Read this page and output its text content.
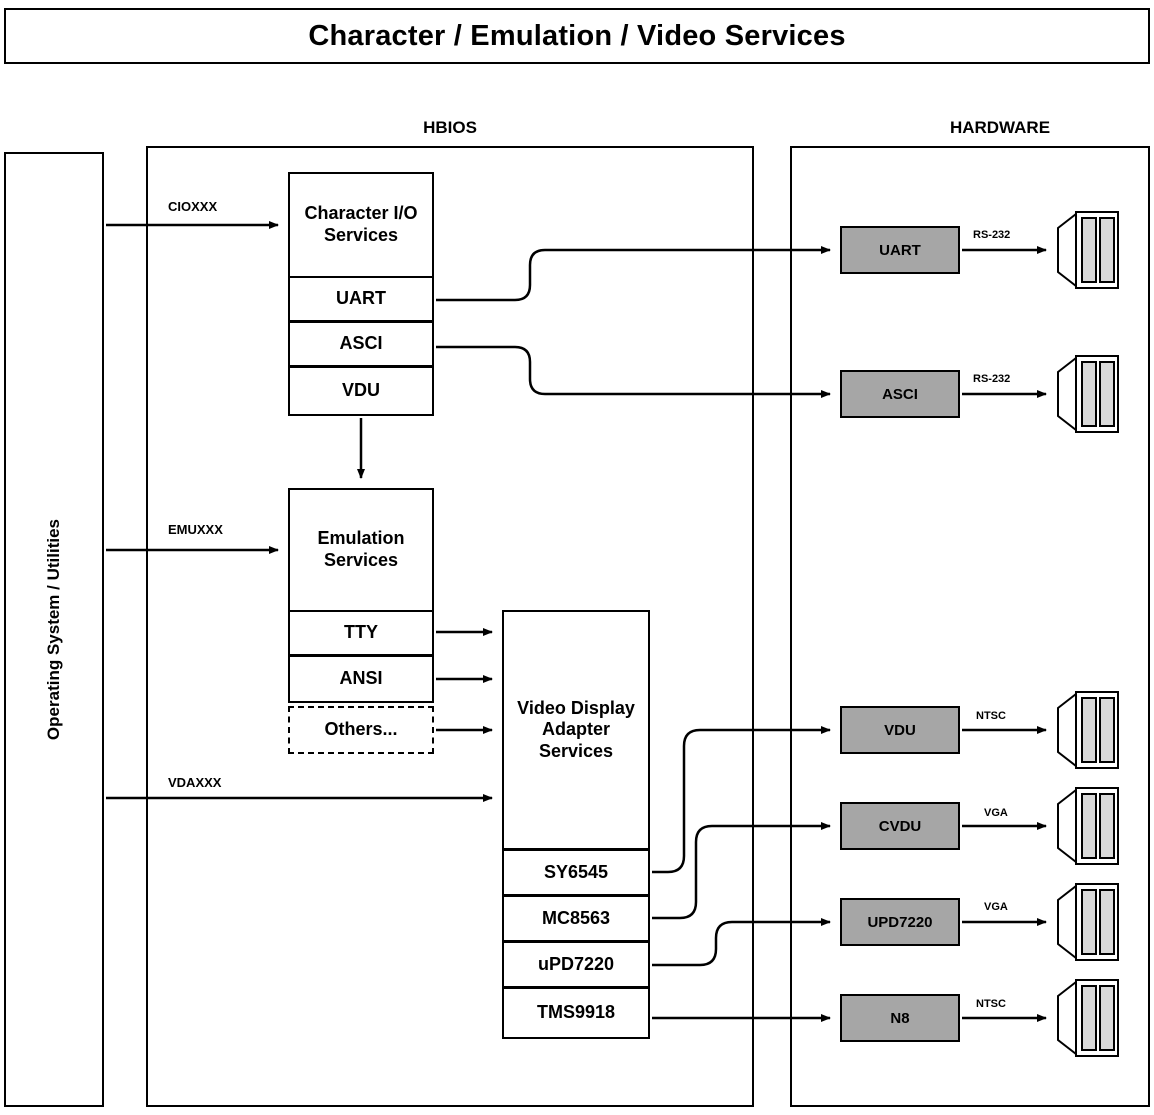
Character / Emulation / Video Services
HBIOS	HARDWARE
Operating System / Utilities
Character I/O Services
UART
ASCI
VDU
Emulation Services
TTY
ANSI
Others...
Video Display Adapter Services
SY6545
MC8563
uPD7220
TMS9918
UART
ASCI
VDU
CVDU
UPD7220
N8
CIOXXX
EMUXXX
VDAXXX
RS-232
RS-232
NTSC
VGA
VGA
NTSC
